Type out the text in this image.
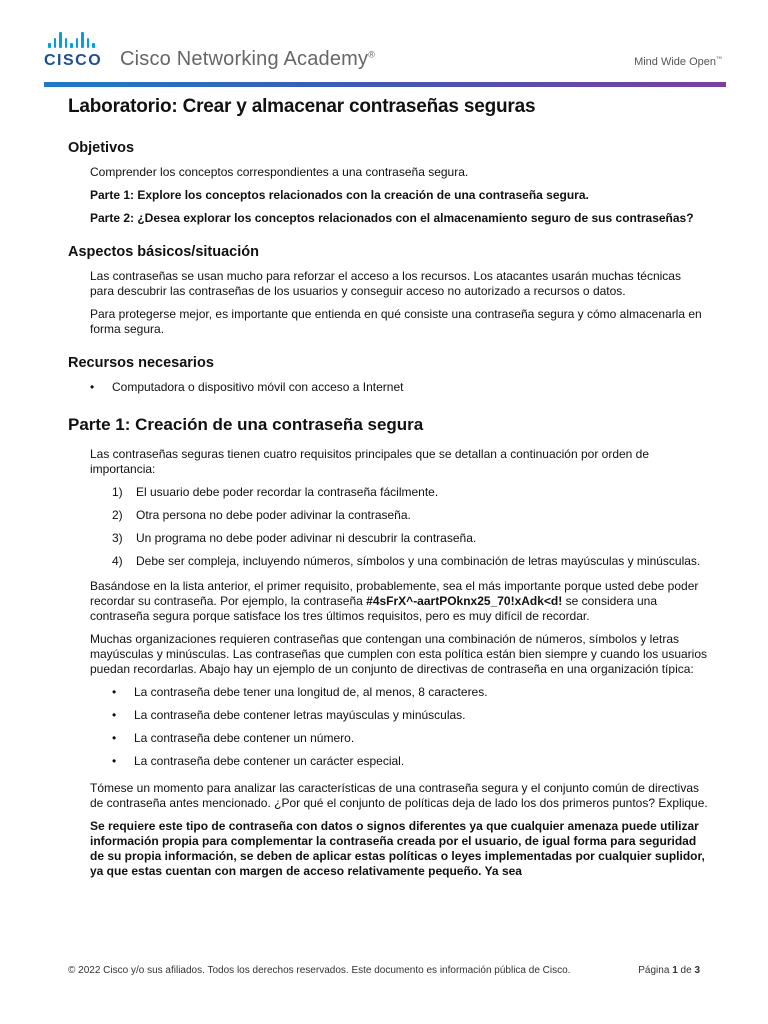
CISCO Cisco Networking Academy®
Mind Wide Open™
Laboratorio: Crear y almacenar contraseñas seguras
Objetivos

Comprender los conceptos correspondientes a una contraseña segura.

Parte 1: Explore los conceptos relacionados con la creación de una contraseña segura.

Parte 2: ¿Desea explorar los conceptos relacionados con el almacenamiento seguro de sus contraseñas?

Aspectos básicos/situación

Las contraseñas se usan mucho para reforzar el acceso a los recursos. Los atacantes usarán muchas técnicas para descubrir las contraseñas de los usuarios y conseguir acceso no autorizado a recursos o datos.

Para protegerse mejor, es importante que entienda en qué consiste una contraseña segura y cómo almacenarla en forma segura.

Recursos necesarios
• Computadora o dispositivo móvil con acceso a Internet
Parte 1: Creación de una contraseña segura

Las contraseñas seguras tienen cuatro requisitos principales que se detallan a continuación por orden de importancia:

1) El usuario debe poder recordar la contraseña fácilmente.
2) Otra persona no debe poder adivinar la contraseña.
3) Un programa no debe poder adivinar ni descubrir la contraseña.
4) Debe ser compleja, incluyendo números, símbolos y una combinación de letras mayúsculas y minúsculas.

Basándose en la lista anterior, el primer requisito, probablemente, sea el más importante porque usted debe poder recordar su contraseña. Por ejemplo, la contraseña #4sFrX^-aartPOknx25_70!xAdk<d! se considera una contraseña segura porque satisface los tres últimos requisitos, pero es muy difícil de recordar.

Muchas organizaciones requieren contraseñas que contengan una combinación de números, símbolos y letras mayúsculas y minúsculas. Las contraseñas que cumplen con esta política están bien siempre y cuando los usuarios puedan recordarlas. Abajo hay un ejemplo de un conjunto de directivas de contraseña en una organización típica:

• La contraseña debe tener una longitud de, al menos, 8 caracteres.
• La contraseña debe contener letras mayúsculas y minúsculas.
• La contraseña debe contener un número.
• La contraseña debe contener un carácter especial.

Tómese un momento para analizar las características de una contraseña segura y el conjunto común de directivas de contraseña antes mencionado. ¿Por qué el conjunto de políticas deja de lado los dos primeros puntos? Explique.

Se requiere este tipo de contraseña con datos o signos diferentes ya que cualquier amenaza puede utilizar información propia para complementar la contraseña creada por el usuario, de igual forma para seguridad de su propia información, se deben de aplicar estas políticas o leyes implementadas por cualquier suplidor, ya que estas cuentan con margen de acceso relativamente pequeño. Ya sea

© 2022 Cisco y/o sus afiliados. Todos los derechos reservados. Este documento es información pública de Cisco.	Página 1 de 3
